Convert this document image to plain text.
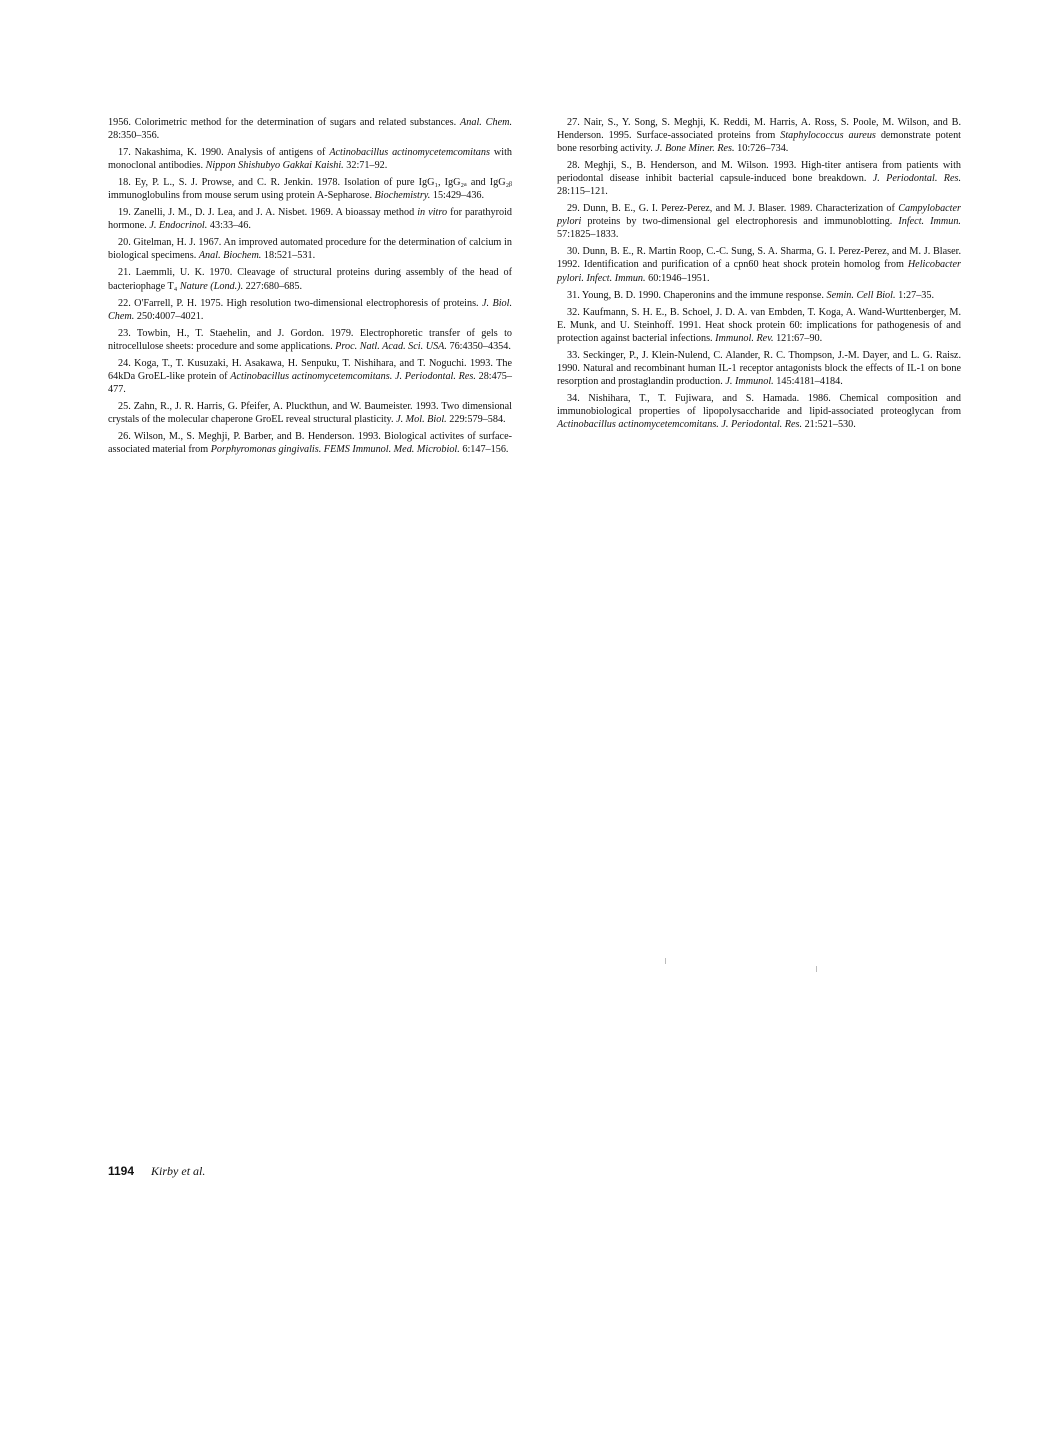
1956. Colorimetric method for the determination of sugars and related substances. Anal. Chem. 28:350–356.

17. Nakashima, K. 1990. Analysis of antigens of Actinobacillus actinomycetemcomitans with monoclonal antibodies. Nippon Shishubyo Gakkai Kaishi. 32:71–92.

18. Ey, P. L., S. J. Prowse, and C. R. Jenkin. 1978. Isolation of pure IgG₁, IgG₂ₐ and IgG₂ᵦ immunoglobulins from mouse serum using protein A-Sepharose. Biochemistry. 15:429–436.

19. Zanelli, J. M., D. J. Lea, and J. A. Nisbet. 1969. A bioassay method in vitro for parathyroid hormone. J. Endocrinol. 43:33–46.

20. Gitelman, H. J. 1967. An improved automated procedure for the determination of calcium in biological specimens. Anal. Biochem. 18:521–531.

21. Laemmli, U. K. 1970. Cleavage of structural proteins during assembly of the head of bacteriophage T₄ Nature (Lond.). 227:680–685.

22. O'Farrell, P. H. 1975. High resolution two-dimensional electrophoresis of proteins. J. Biol. Chem. 250:4007–4021.

23. Towbin, H., T. Staehelin, and J. Gordon. 1979. Electrophoretic transfer of gels to nitrocellulose sheets: procedure and some applications. Proc. Natl. Acad. Sci. USA. 76:4350–4354.

24. Koga, T., T. Kusuzaki, H. Asakawa, H. Senpuku, T. Nishihara, and T. Noguchi. 1993. The 64kDa GroEL-like protein of Actinobacillus actinomycetemcomitans. J. Periodontal. Res. 28:475–477.

25. Zahn, R., J. R. Harris, G. Pfeifer, A. Pluckthun, and W. Baumeister. 1993. Two dimensional crystals of the molecular chaperone GroEL reveal structural plasticity. J. Mol. Biol. 229:579–584.

26. Wilson, M., S. Meghji, P. Barber, and B. Henderson. 1993. Biological activites of surface-associated material from Porphyromonas gingivalis. FEMS Immunol. Med. Microbiol. 6:147–156.

27. Nair, S., Y. Song, S. Meghji, K. Reddi, M. Harris, A. Ross, S. Poole, M. Wilson, and B. Henderson. 1995. Surface-associated proteins from Staphylococcus aureus demonstrate potent bone resorbing activity. J. Bone Miner. Res. 10:726–734.

28. Meghji, S., B. Henderson, and M. Wilson. 1993. High-titer antisera from patients with periodontal disease inhibit bacterial capsule-induced bone breakdown. J. Periodontal. Res. 28:115–121.

29. Dunn, B. E., G. I. Perez-Perez, and M. J. Blaser. 1989. Characterization of Campylobacter pylori proteins by two-dimensional gel electrophoresis and immunoblotting. Infect. Immun. 57:1825–1833.

30. Dunn, B. E., R. Martin Roop, C.-C. Sung, S. A. Sharma, G. I. Perez-Perez, and M. J. Blaser. 1992. Identification and purification of a cpn60 heat shock protein homolog from Helicobacter pylori. Infect. Immun. 60:1946–1951.

31. Young, B. D. 1990. Chaperonins and the immune response. Semin. Cell Biol. 1:27–35.

32. Kaufmann, S. H. E., B. Schoel, J. D. A. van Embden, T. Koga, A. Wand-Wurttenberger, M. E. Munk, and U. Steinhoff. 1991. Heat shock protein 60: implications for pathogenesis of and protection against bacterial infections. Immunol. Rev. 121:67–90.

33. Seckinger, P., J. Klein-Nulend, C. Alander, R. C. Thompson, J.-M. Dayer, and L. G. Raisz. 1990. Natural and recombinant human IL-1 receptor antagonists block the effects of IL-1 on bone resorption and prostaglandin production. J. Immunol. 145:4181–4184.

34. Nishihara, T., T. Fujiwara, and S. Hamada. 1986. Chemical composition and immunobiological properties of lipopolysaccharide and lipid-associated proteoglycan from Actinobacillus actinomycetemcomitans. J. Periodontal. Res. 21:521–530.

1194 Kirby et al.
